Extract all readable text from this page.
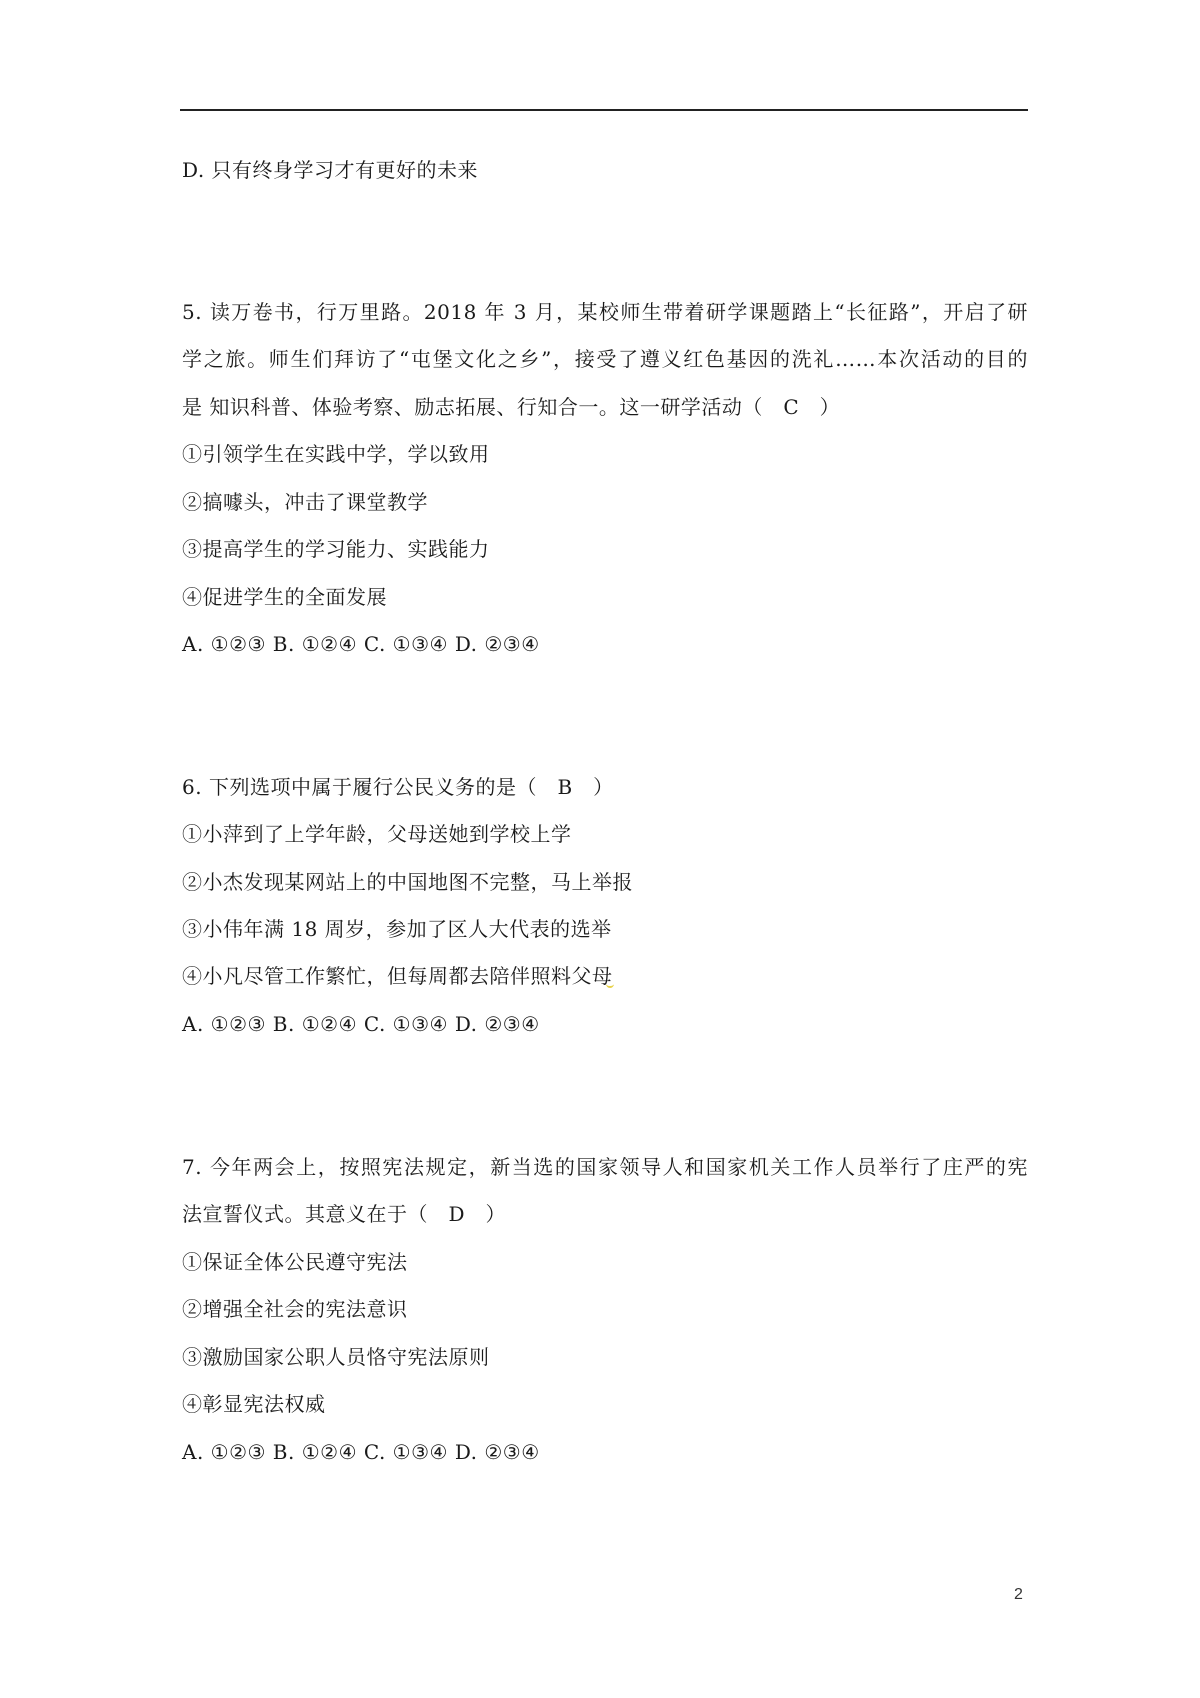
D. 只有终身学习才有更好的未来
5. 读万卷书，行万里路。2018 年 3 月，某校师生带着研学课题踏上“长征路”，开启了研
学之旅。师生们拜访了“屯堡文化之乡”，接受了遵义红色基因的洗礼……本次活动的目的
是 知识科普、体验考察、励志拓展、行知合一。这一研学活动（　C　）
①引领学生在实践中学，学以致用
②搞噱头，冲击了课堂教学
③提高学生的学习能力、实践能力
④促进学生的全面发展
A. ①②③ B. ①②④ C. ①③④ D. ②③④
6. 下列选项中属于履行公民义务的是（　B　）
①小萍到了上学年龄，父母送她到学校上学
②小杰发现某网站上的中国地图不完整，马上举报
③小伟年满 18 周岁，参加了区人大代表的选举
④小凡尽管工作繁忙，但每周都去陪伴照料父母
A. ①②③ B. ①②④ C. ①③④ D. ②③④
7. 今年两会上，按照宪法规定，新当选的国家领导人和国家机关工作人员举行了庄严的宪
法宣誓仪式。其意义在于（　D　）
①保证全体公民遵守宪法
②增强全社会的宪法意识
③激励国家公职人员恪守宪法原则
④彰显宪法权威
A. ①②③ B. ①②④ C. ①③④ D. ②③④
2
